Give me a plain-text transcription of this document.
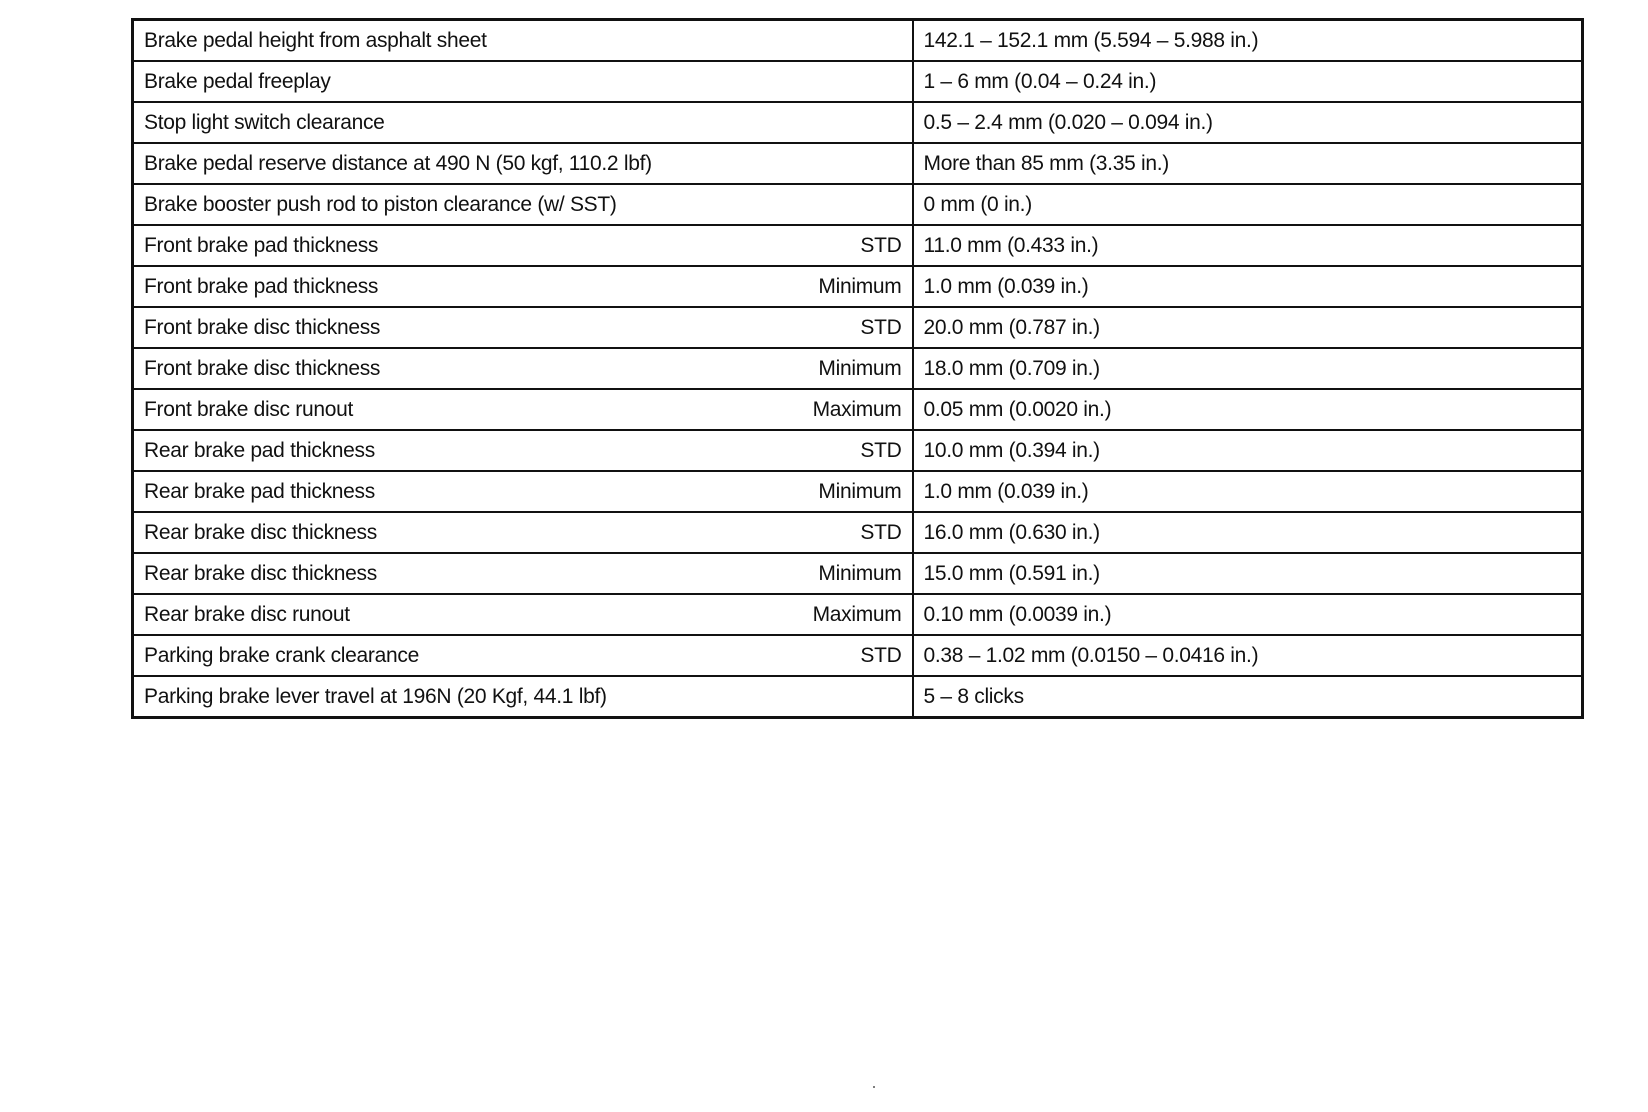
Brake pedal height from asphalt sheet	142.1 – 152.1 mm (5.594 – 5.988 in.)

Brake pedal freeplay	1 – 6 mm (0.04 – 0.24 in.)

Stop light switch clearance	0.5 – 2.4 mm (0.020 – 0.094 in.)

Brake pedal reserve distance at 490 N (50 kgf, 110.2 lbf)	More than 85 mm (3.35 in.)

Brake booster push rod to piston clearance (w/ SST)	0 mm (0 in.)

Front brake pad thickness STD	11.0 mm (0.433 in.)

Front brake pad thickness Minimum	1.0 mm (0.039 in.)

Front brake disc thickness STD	20.0 mm (0.787 in.)

Front brake disc thickness Minimum	18.0 mm (0.709 in.)

Front brake disc runout Maximum	0.05 mm (0.0020 in.)

Rear brake pad thickness STD	10.0 mm (0.394 in.)

Rear brake pad thickness Minimum	1.0 mm (0.039 in.)

Rear brake disc thickness STD	16.0 mm (0.630 in.)

Rear brake disc thickness Minimum	15.0 mm (0.591 in.)

Rear brake disc runout Maximum	0.10 mm (0.0039 in.)

Parking brake crank clearance STD	0.38 – 1.02 mm (0.0150 – 0.0416 in.)

Parking brake lever travel at 196N (20 Kgf, 44.1 lbf)	5 – 8 clicks
